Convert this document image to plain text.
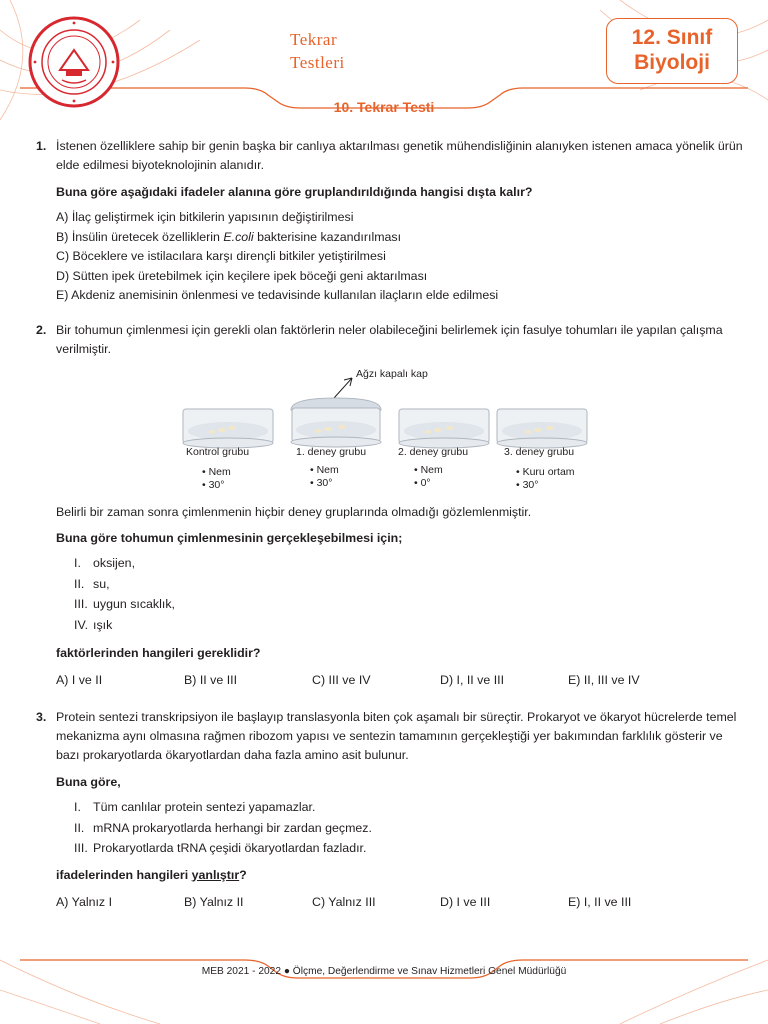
Tekrar
Testleri
12. Sınıf
Biyoloji
10. Tekrar Testi
1. İstenen özelliklere sahip bir genin başka bir canlıya aktarılması genetik mühendisliğinin alanıyken istenen amaca yönelik ürün elde edilmesi biyoteknolojinin alanıdır.

Buna göre aşağıdaki ifadeler alanına göre gruplandırıldığında hangisi dışta kalır?

A) İlaç geliştirmek için bitkilerin yapısının değiştirilmesi

B) İnsülin üretecek özelliklerin E.coli bakterisine kazandırılması

C) Böceklere ve istilacılara karşı dirençli bitkiler yetiştirilmesi

D) Sütten ipek üretebilmek için keçilere ipek böceği geni aktarılması

E) Akdeniz anemisinin önlenmesi ve tedavisinde kullanılan ilaçların elde edilmesi

2. Bir tohumun çimlenmesi için gerekli olan faktörlerin neler olabileceğini belirlemek için fasulye tohumları ile yapılan çalışma verilmiştir.

Ağzı kapalı kap
Kontrol grubu	1. deney grubu	2. deney grubu	3. deney grubu
• Nem
• 30°
• Nem
• 30°
• Nem
• 0°
• Kuru ortam
• 30°

Belirli bir zaman sonra çimlenmenin hiçbir deney gruplarında olmadığı gözlemlenmiştir.

Buna göre tohumun çimlenmesinin gerçekleşebilmesi için;

I. oksijen,
II. su,
III. uygun sıcaklık,
IV. ışık

faktörlerinden hangileri gereklidir?

A) I ve II	B) II ve III	C) III ve IV	D) I, II ve III	E) II, III ve IV
3. Protein sentezi transkripsiyon ile başlayıp translasyonla biten çok aşamalı bir süreçtir. Prokaryot ve ökaryot hücrelerde temel mekanizma aynı olmasına rağmen ribozom yapısı ve sentezin tamamının gerçekleştiği yer bakımından farklılık gösterir ve bazı prokaryotlarda ökaryotlardan daha fazla amino asit bulunur.

Buna göre,

I. Tüm canlılar protein sentezi yapamazlar.
II. mRNA prokaryotlarda herhangi bir zardan geçmez.
III. Prokaryotlarda tRNA çeşidi ökaryotlardan fazladır.

ifadelerinden hangileri yanlıştır?

A) Yalnız I	B) Yalnız II	C) Yalnız III	D) I ve III	E) I, II ve III
MEB 2021 - 2022 ● Ölçme, Değerlendirme ve Sınav Hizmetleri Genel Müdürlüğü
